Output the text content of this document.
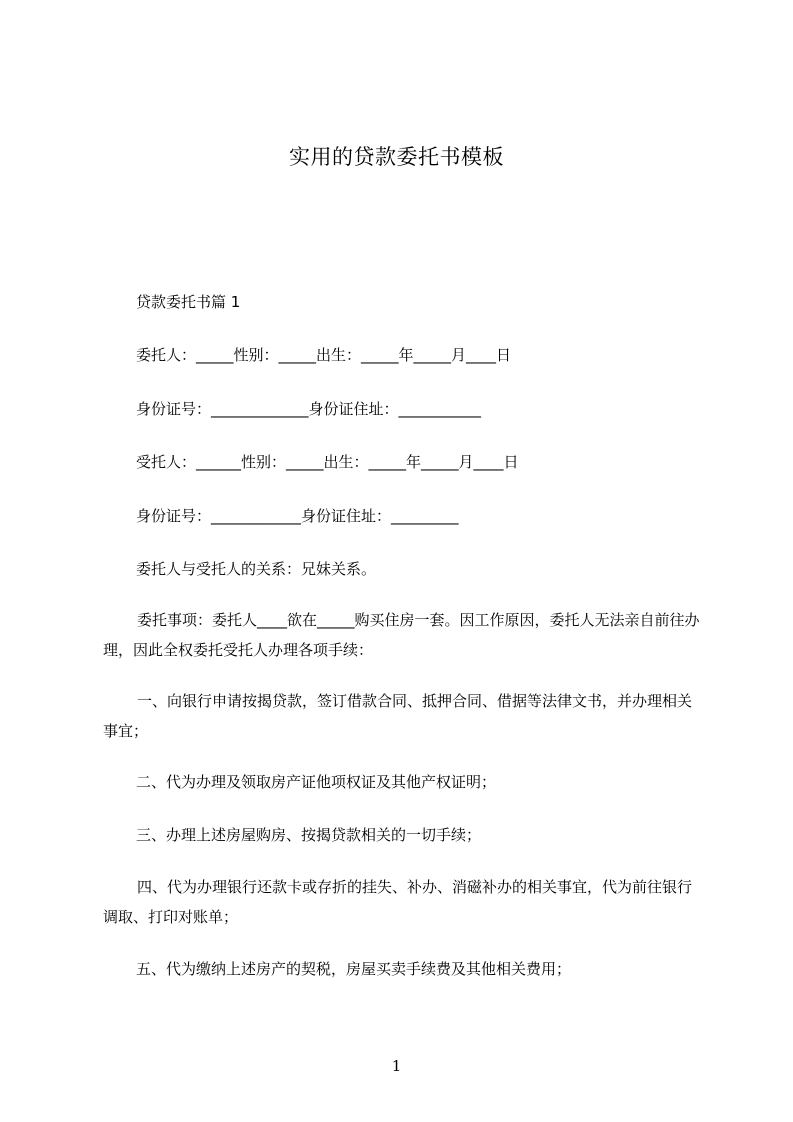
实用的贷款委托书模板
贷款委托书篇 1
委托人：_____性别：_____出生：_____年_____月____日
身份证号：_____________身份证住址：___________
受托人：______性别：_____出生：_____年_____月____日
身份证号：____________身份证住址：_________
委托人与受托人的关系：兄妹关系。
委托事项：委托人____欲在_____购买住房一套。因工作原因，委托人无法亲自前往办理，因此全权委托受托人办理各项手续：
一、向银行申请按揭贷款，签订借款合同、抵押合同、借据等法律文书，并办理相关事宜；
二、代为办理及领取房产证他项权证及其他产权证明；
三、办理上述房屋购房、按揭贷款相关的一切手续；
四、代为办理银行还款卡或存折的挂失、补办、消磁补办的相关事宜，代为前往银行调取、打印对账单；
五、代为缴纳上述房产的契税，房屋买卖手续费及其他相关费用；
1
